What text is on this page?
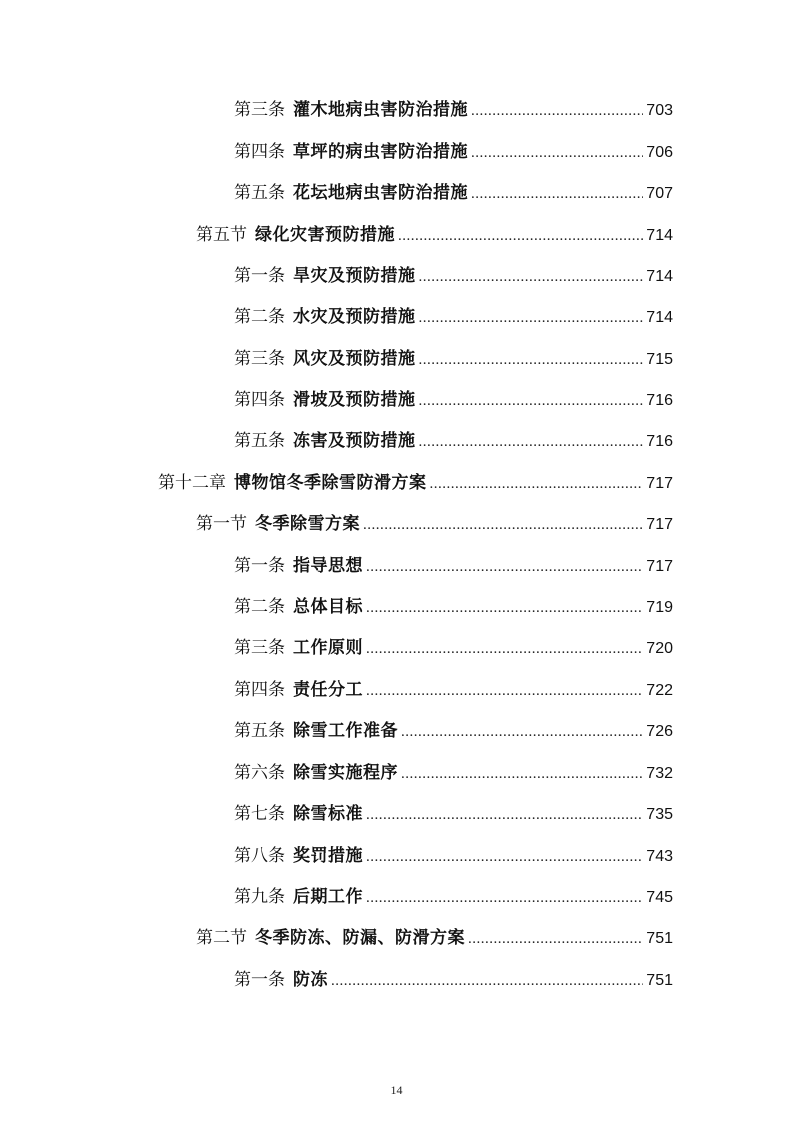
第三条 灌木地病虫害防治措施 .....	703
第四条 草坪的病虫害防治措施 .....	706
第五条 花坛地病虫害防治措施 .....	707
第五节 绿化灾害预防措施 .....	714
第一条 旱灾及预防措施 .....	714
第二条 水灾及预防措施 .....	714
第三条 风灾及预防措施 .....	715
第四条 滑坡及预防措施 .....	716
第五条 冻害及预防措施 .....	716
第十二章 博物馆冬季除雪防滑方案 .....	717
第一节 冬季除雪方案 .....	717
第一条 指导思想 .....	717
第二条 总体目标 .....	719
第三条 工作原则 .....	720
第四条 责任分工 .....	722
第五条 除雪工作准备 .....	726
第六条 除雪实施程序 .....	732
第七条 除雪标准 .....	735
第八条 奖罚措施 .....	743
第九条 后期工作 .....	745
第二节 冬季防冻、防漏、防滑方案 .....	751
第一条 防冻 .....	751
14
